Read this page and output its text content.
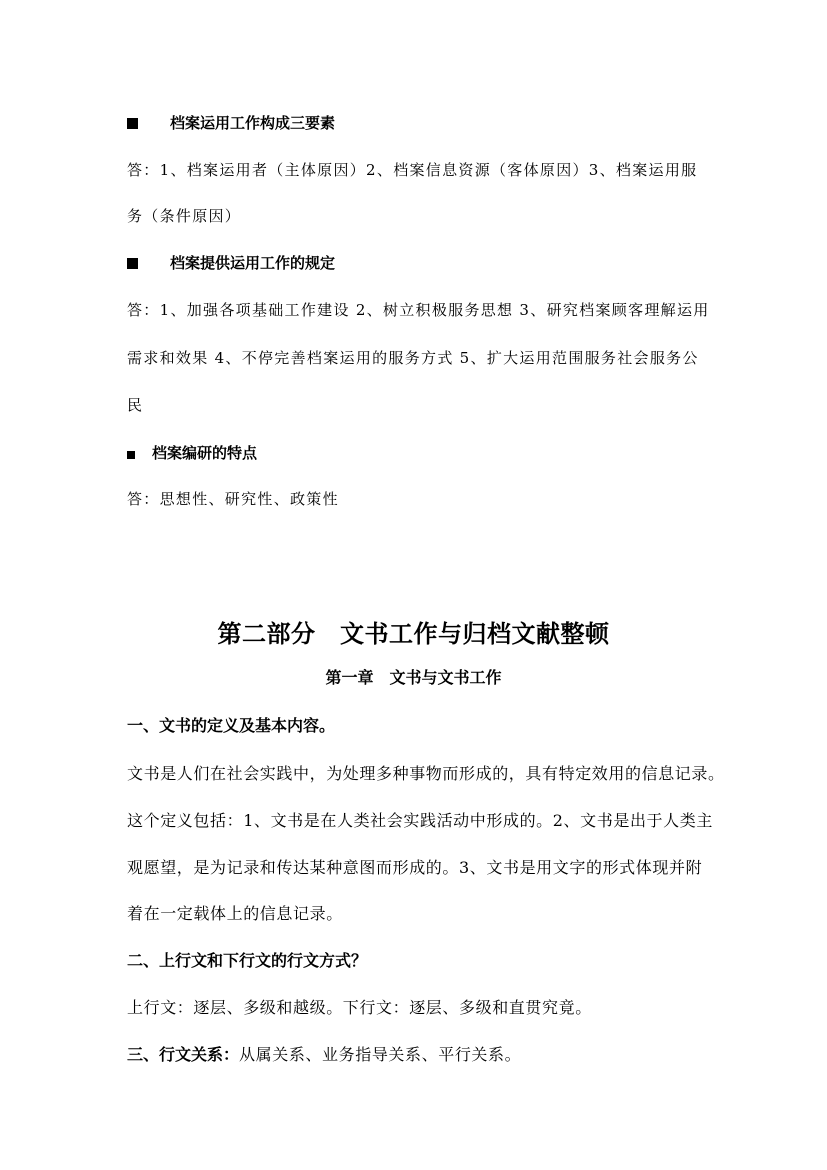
档案运用工作构成三要素
答：1、档案运用者（主体原因）2、档案信息资源（客体原因）3、档案运用服
务（条件原因）
档案提供运用工作的规定
答：1、加强各项基础工作建设 2、树立积极服务思想 3、研究档案顾客理解运用
需求和效果 4、不停完善档案运用的服务方式 5、扩大运用范围服务社会服务公
民
档案编研的特点
答：思想性、研究性、政策性
第二部分　文书工作与归档文献整顿
第一章　文书与文书工作
一、文书的定义及基本内容。
文书是人们在社会实践中，为处理多种事物而形成的，具有特定效用的信息记录。
这个定义包括：1、文书是在人类社会实践活动中形成的。2、文书是出于人类主
观愿望，是为记录和传达某种意图而形成的。3、文书是用文字的形式体现并附
着在一定载体上的信息记录。
二、上行文和下行文的行文方式？
上行文：逐层、多级和越级。下行文：逐层、多级和直贯究竟。
三、行文关系：从属关系、业务指导关系、平行关系。
